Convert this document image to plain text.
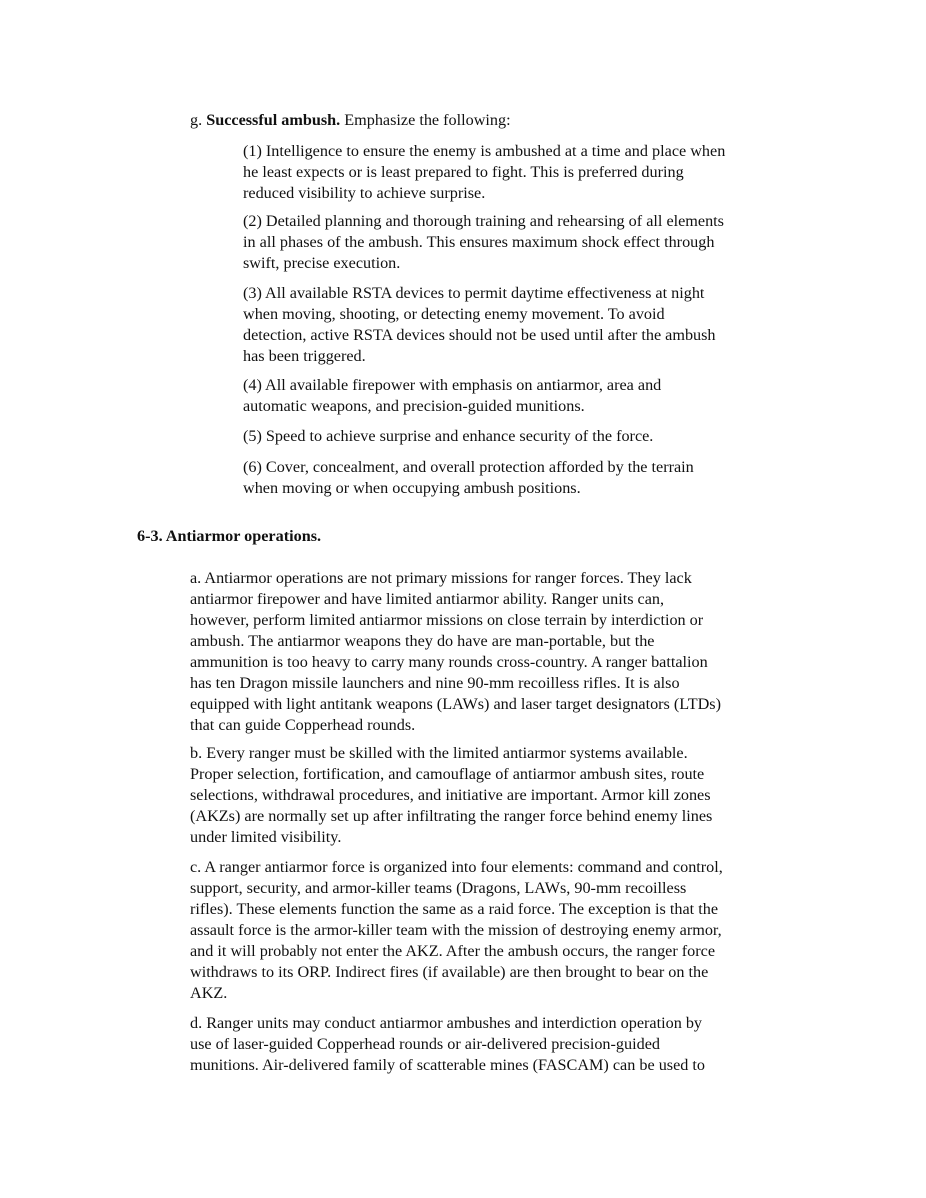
g. Successful ambush. Emphasize the following:
(1) Intelligence to ensure the enemy is ambushed at a time and place when
he least expects or is least prepared to fight. This is preferred during
reduced visibility to achieve surprise.
(2) Detailed planning and thorough training and rehearsing of all elements
in all phases of the ambush. This ensures maximum shock effect through
swift, precise execution.
(3) All available RSTA devices to permit daytime effectiveness at night
when moving, shooting, or detecting enemy movement. To avoid
detection, active RSTA devices should not be used until after the ambush
has been triggered.
(4) All available firepower with emphasis on antiarmor, area and
automatic weapons, and precision-guided munitions.
(5) Speed to achieve surprise and enhance security of the force.
(6) Cover, concealment, and overall protection afforded by the terrain
when moving or when occupying ambush positions.
6-3. Antiarmor operations.
a. Antiarmor operations are not primary missions for ranger forces. They lack
antiarmor firepower and have limited antiarmor ability. Ranger units can,
however, perform limited antiarmor missions on close terrain by interdiction or
ambush. The antiarmor weapons they do have are man-portable, but the
ammunition is too heavy to carry many rounds cross-country. A ranger battalion
has ten Dragon missile launchers and nine 90-mm recoilless rifles. It is also
equipped with light antitank weapons (LAWs) and laser target designators (LTDs)
that can guide Copperhead rounds.
b. Every ranger must be skilled with the limited antiarmor systems available.
Proper selection, fortification, and camouflage of antiarmor ambush sites, route
selections, withdrawal procedures, and initiative are important. Armor kill zones
(AKZs) are normally set up after infiltrating the ranger force behind enemy lines
under limited visibility.
c. A ranger antiarmor force is organized into four elements: command and control,
support, security, and armor-killer teams (Dragons, LAWs, 90-mm recoilless
rifles). These elements function the same as a raid force. The exception is that the
assault force is the armor-killer team with the mission of destroying enemy armor,
and it will probably not enter the AKZ. After the ambush occurs, the ranger force
withdraws to its ORP. Indirect fires (if available) are then brought to bear on the
AKZ.
d. Ranger units may conduct antiarmor ambushes and interdiction operation by
use of laser-guided Copperhead rounds or air-delivered precision-guided
munitions. Air-delivered family of scatterable mines (FASCAM) can be used to
